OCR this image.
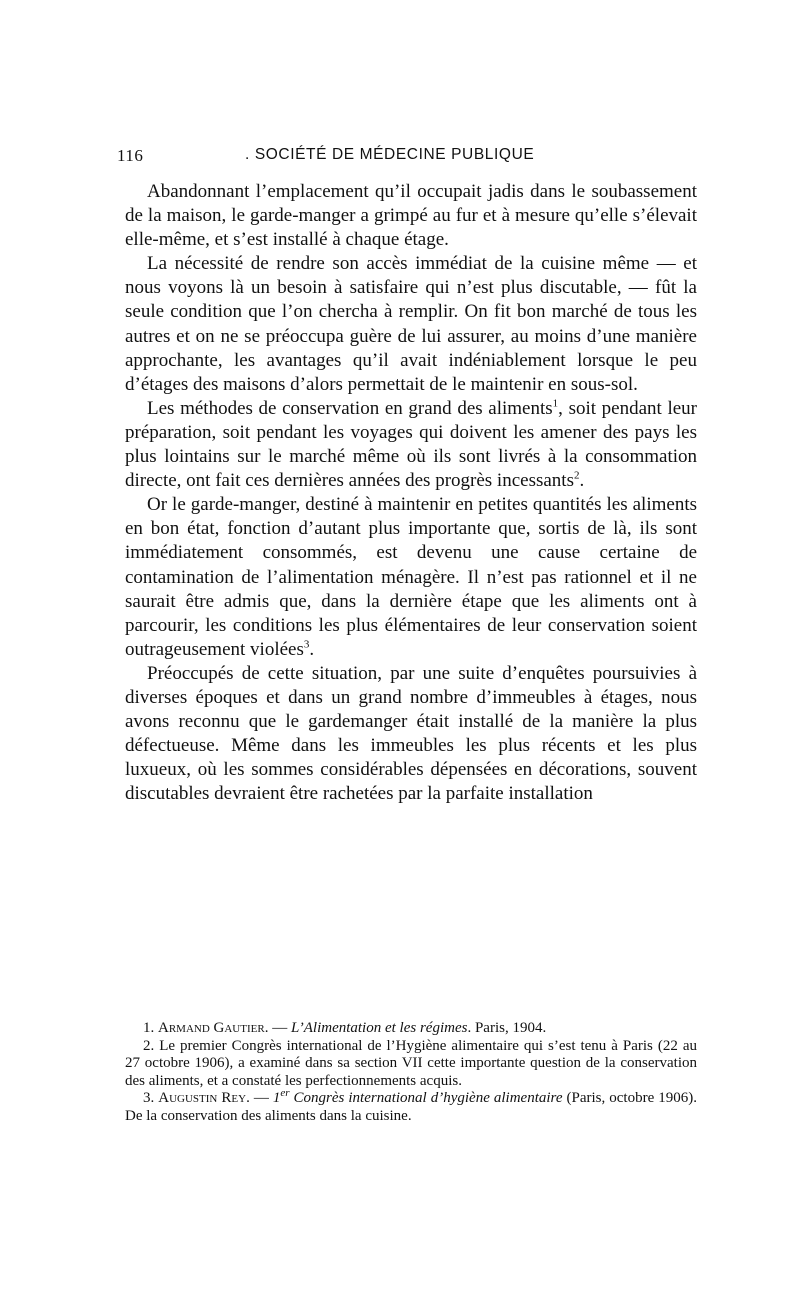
116	. SOCIÉTÉ DE MÉDECINE PUBLIQUE

Abandonnant l’emplacement qu’il occupait jadis dans le soubassement de la maison, le garde-manger a grimpé au fur et à mesure qu’elle s’élevait elle-même, et s’est installé à chaque étage.

La nécessité de rendre son accès immédiat de la cuisine même — et nous voyons là un besoin à satisfaire qui n’est plus discutable, — fût la seule condition que l’on chercha à remplir. On fit bon marché de tous les autres et on ne se préoccupa guère de lui assurer, au moins d’une manière approchante, les avantages qu’il avait indéniablement lorsque le peu d’étages des maisons d’alors permettait de le maintenir en sous-sol.

Les méthodes de conservation en grand des aliments$^1$, soit pendant leur préparation, soit pendant les voyages qui doivent les amener des pays les plus lointains sur le marché même où ils sont livrés à la consommation directe, ont fait ces dernières années des progrès incessants$^2$.

Or le garde-manger, destiné à maintenir en petites quantités les aliments en bon état, fonction d’autant plus importante que, sortis de là, ils sont immédiatement consommés, est devenu une cause certaine de contamination de l’alimentation ménagère. Il n’est pas rationnel et il ne saurait être admis que, dans la dernière étape que les aliments ont à parcourir, les conditions les plus élémentaires de leur conservation soient outrageusement violées$^3$.

Préoccupés de cette situation, par une suite d’enquêtes poursuivies à diverses époques et dans un grand nombre d’immeubles à étages, nous avons reconnu que le gardemanger était installé de la manière la plus défectueuse. Même dans les immeubles les plus récents et les plus luxueux, où les sommes considérables dépensées en décorations, souvent discutables devraient être rachetées par la parfaite installation

1. Armand Gautier. — L’Alimentation et les régimes. Paris, 1904.

2. Le premier Congrès international de l’Hygiène alimentaire qui s’est tenu à Paris (22 au 27 octobre 1906), a examiné dans sa section VII cette importante question de la conservation des aliments, et a constaté les perfectionnements acquis.

3. Augustin Rey. — 1er Congrès international d’hygiène alimentaire (Paris, octobre 1906). De la conservation des aliments dans la cuisine.
